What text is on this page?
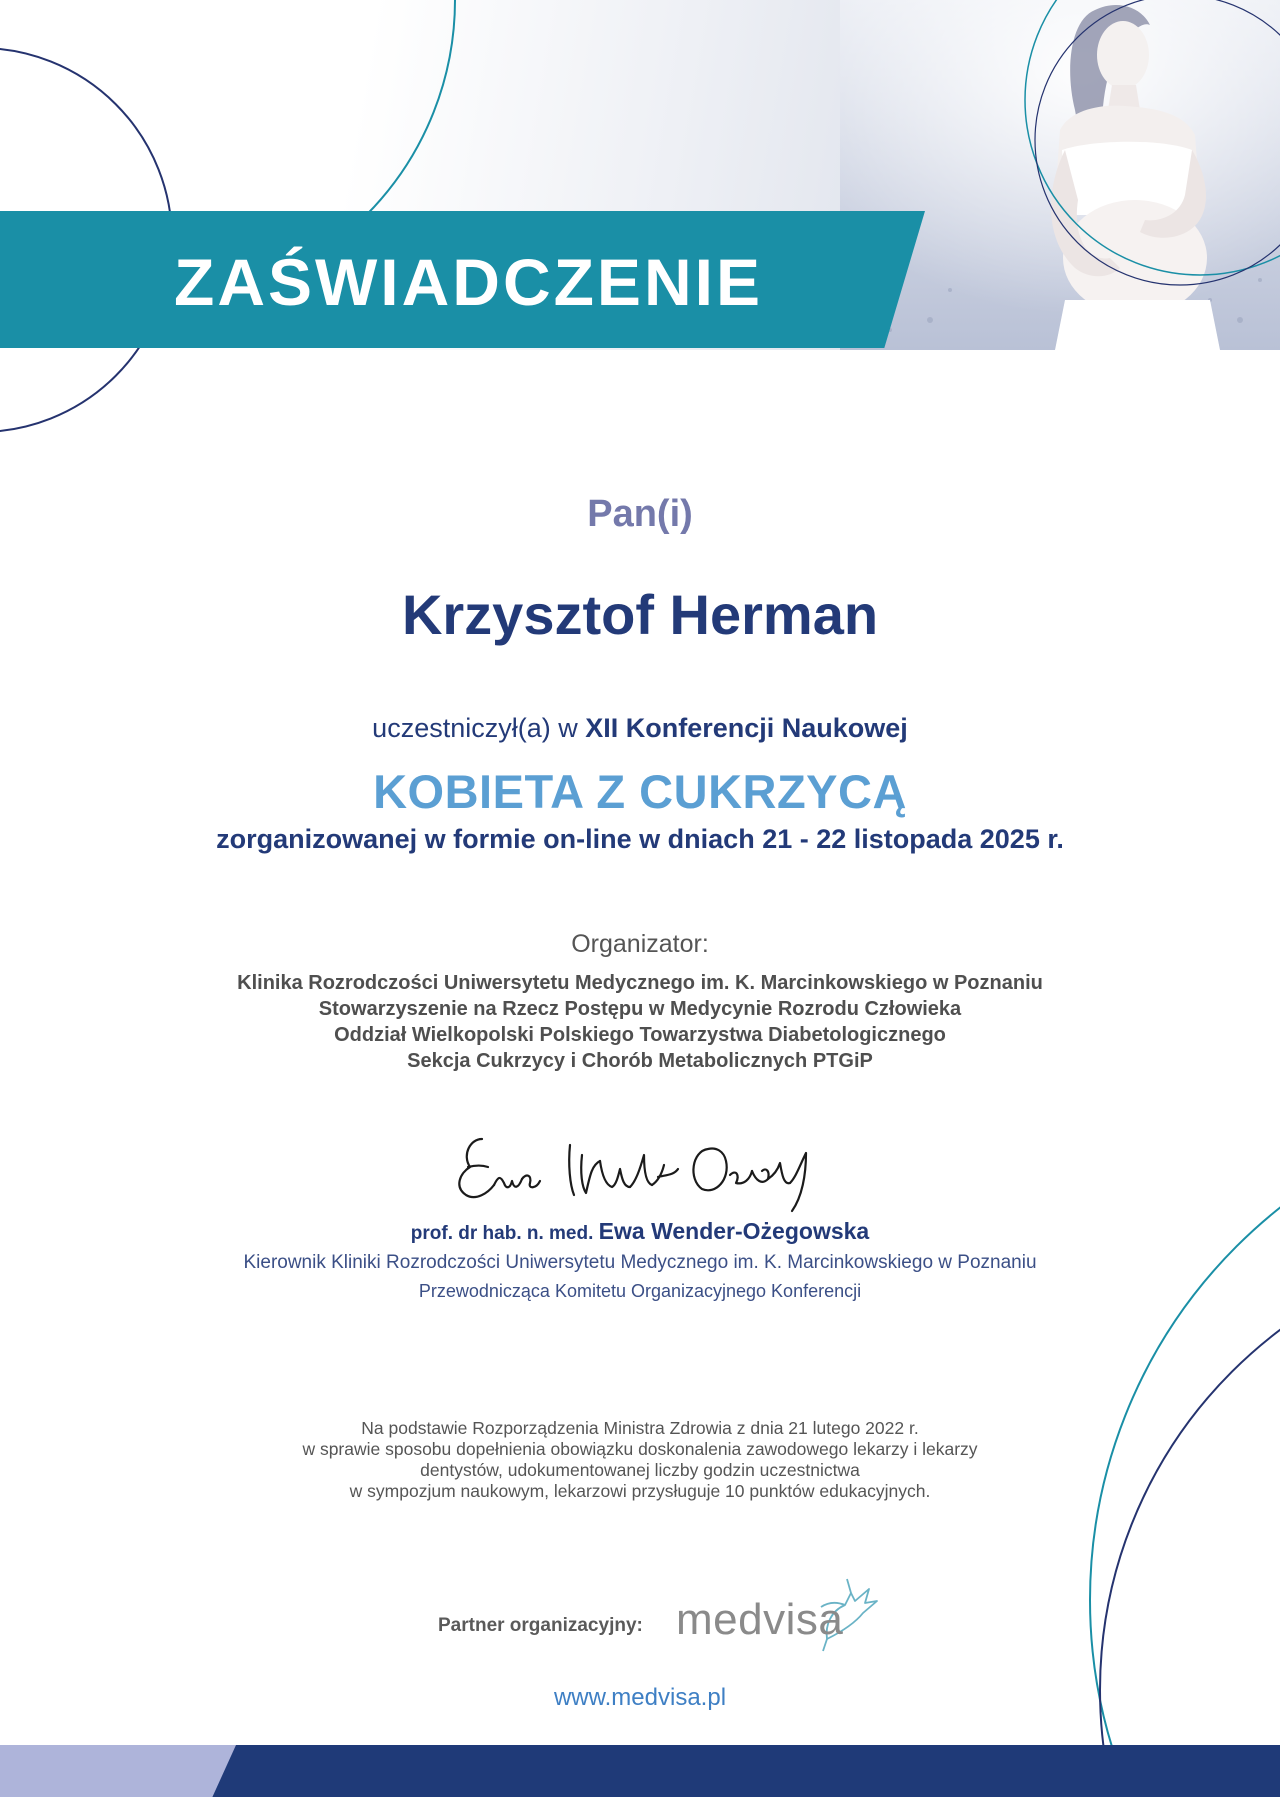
ZAŚWIADCZENIE
Pan(i)
Krzysztof Herman
uczestniczył(a) w XII Konferencji Naukowej
KOBIETA Z CUKRZYCĄ
zorganizowanej w formie on-line w dniach 21 - 22 listopada 2025 r.
Organizator:
Klinika Rozrodczości Uniwersytetu Medycznego im. K. Marcinkowskiego w Poznaniu
Stowarzyszenie na Rzecz Postępu w Medycynie Rozrodu Człowieka
Oddział Wielkopolski Polskiego Towarzystwa Diabetologicznego
Sekcja Cukrzycy i Chorób Metabolicznych PTGiP
prof. dr hab. n. med. Ewa Wender-Ożegowska
Kierownik Kliniki Rozrodczości Uniwersytetu Medycznego im. K. Marcinkowskiego w Poznaniu
Przewodnicząca Komitetu Organizacyjnego Konferencji
Na podstawie Rozporządzenia Ministra Zdrowia z dnia 21 lutego 2022 r.
w sprawie sposobu dopełnienia obowiązku doskonalenia zawodowego lekarzy i lekarzy
dentystów, udokumentowanej liczby godzin uczestnictwa
w sympozjum naukowym, lekarzowi przysługuje 10 punktów edukacyjnych.
Partner organizacyjny: medvisa
www.medvisa.pl
